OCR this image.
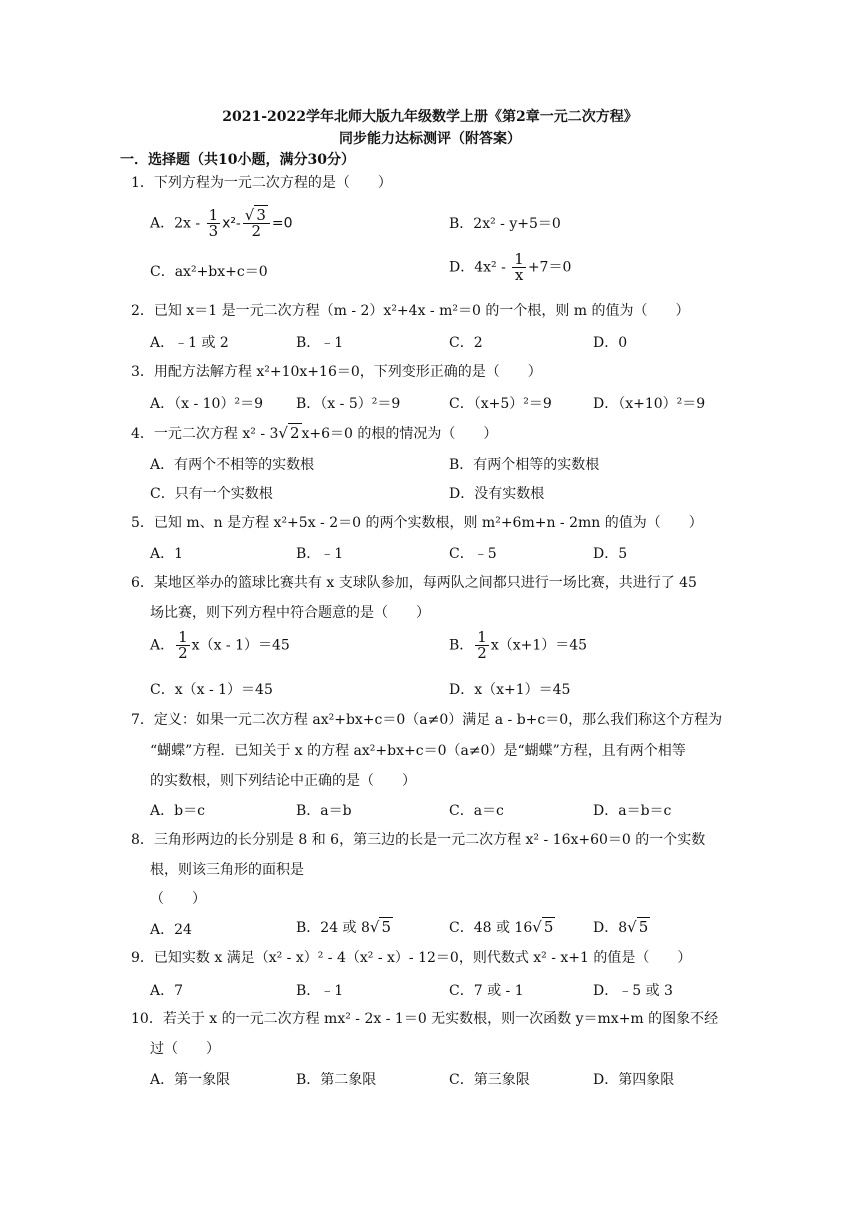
2021-2022学年北师大版九年级数学上册《第2章一元二次方程》
同步能力达标测评（附答案）
一．选择题（共10小题，满分30分）
1．下列方程为一元二次方程的是（　　）
A．$2x - \frac{1}{3} x^2- \frac{√ 3}{2} =0$	B．2x² - y+5＝0
C．ax²+bx+c＝0	D．$4x^2 - \frac{1}{x} +7=0$
2．已知 x＝1 是一元二次方程（m - 2）x²+4x - m²＝0 的一个根，则 m 的值为（　　）
A．﹣1 或 2	B．﹣1	C．2	D．0
3．用配方法解方程 x²+10x+16＝0，下列变形正确的是（　　）
A．（x - 10）²＝9 B．（x - 5）²＝9	C．（x+5）²＝9	D．（x+10）²＝9
4．一元二次方程 x² - 3√ 2 x+6＝0 的根的情况为（　　）
A．有两个不相等的实数根	B．有两个相等的实数根
C．只有一个实数根	D．没有实数根
5．已知 m、n 是方程 x²+5x - 2＝0 的两个实数根，则 m²+6m+n - 2mn 的值为（　　）
A．1	B．﹣1	C．﹣5	D．5
6．某地区举办的篮球比赛共有 x 支球队参加，每两队之间都只进行一场比赛，共进行了 45
场比赛，则下列方程中符合题意的是（　　）
A． $\frac{1}{2} x(x - 1)=45$	B． $\frac{1}{2} x(x+1)=45$
C．x（x - 1）＝45	D．x（x+1）＝45
7．定义：如果一元二次方程 ax²+bx+c＝0（a≠0）满足 a - b+c＝0，那么我们称这个方程为
“蝴蝶”方程．已知关于 x 的方程 ax²+bx+c＝0（a≠0）是“蝴蝶”方程，且有两个相等
的实数根，则下列结论中正确的是（　　）
A．b＝c	B．a＝b	C．a＝c	D．a＝b＝c
8．三角形两边的长分别是 8 和 6，第三边的长是一元二次方程 x² - 16x+60＝0 的一个实数
根，则该三角形的面积是
（　　）
A．24	B．24 或 8√ 5	C．48 或 16√ 5	D．8√ 5
9．已知实数 x 满足（x² - x）² - 4（x² - x）- 12＝0，则代数式 x² - x+1 的值是（　　）
A．7	B．﹣1	C．7 或 - 1	D．﹣5 或 3
10．若关于 x 的一元二次方程 mx² - 2x - 1＝0 无实数根，则一次函数 y＝mx+m 的图象不经
过（　　）
A．第一象限	B．第二象限	C．第三象限	D．第四象限
